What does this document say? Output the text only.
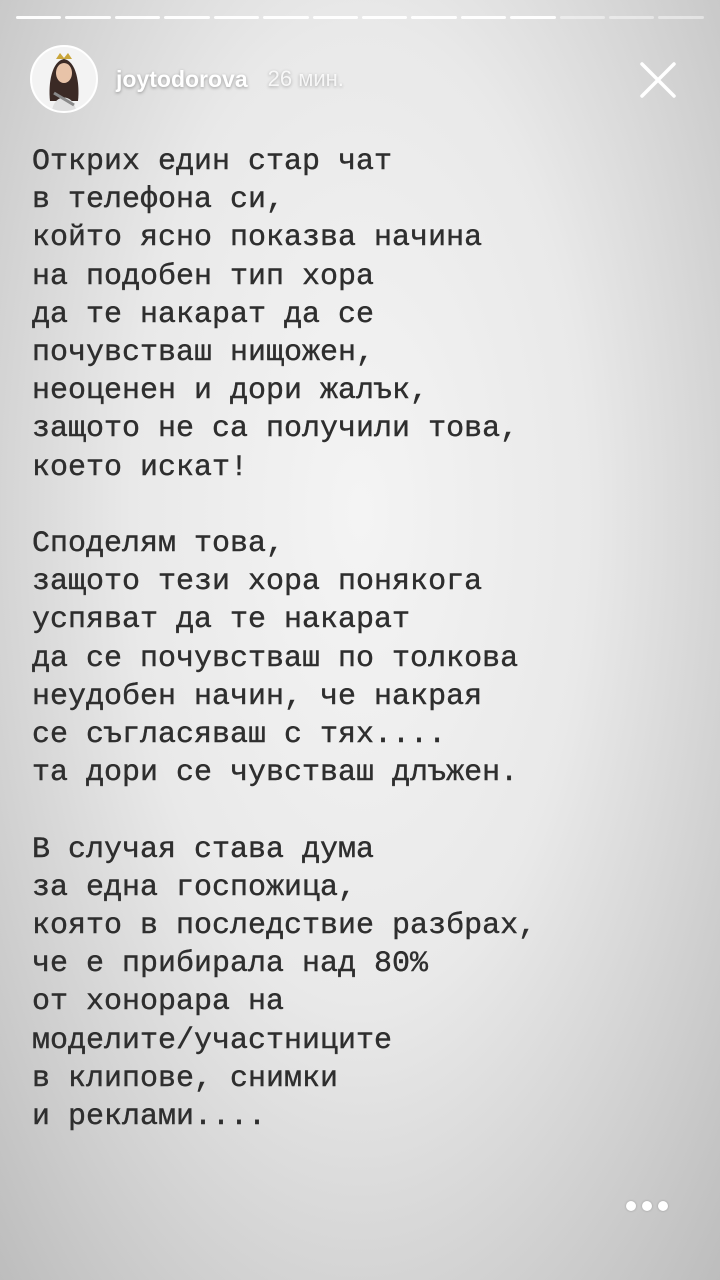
joytodorova 26 мин.
Открих един стар чат
в телефона си,
който ясно показва начина
на подобен тип хора
да те накарат да се
почувстваш нищожен,
неоценен и дори жалък,
защото не са получили това,
което искат!

Споделям това,
защото тези хора понякога
успяват да те накарат
да се почувстваш по толкова
неудобен начин, че накрая
се съгласяваш с тях....
та дори се чувстваш длъжен.

В случая става дума
за една госпожица,
която в последствие разбрах,
че е прибирала над 80%
от хонорара на
моделите/участниците
в клипове, снимки
и реклами....
